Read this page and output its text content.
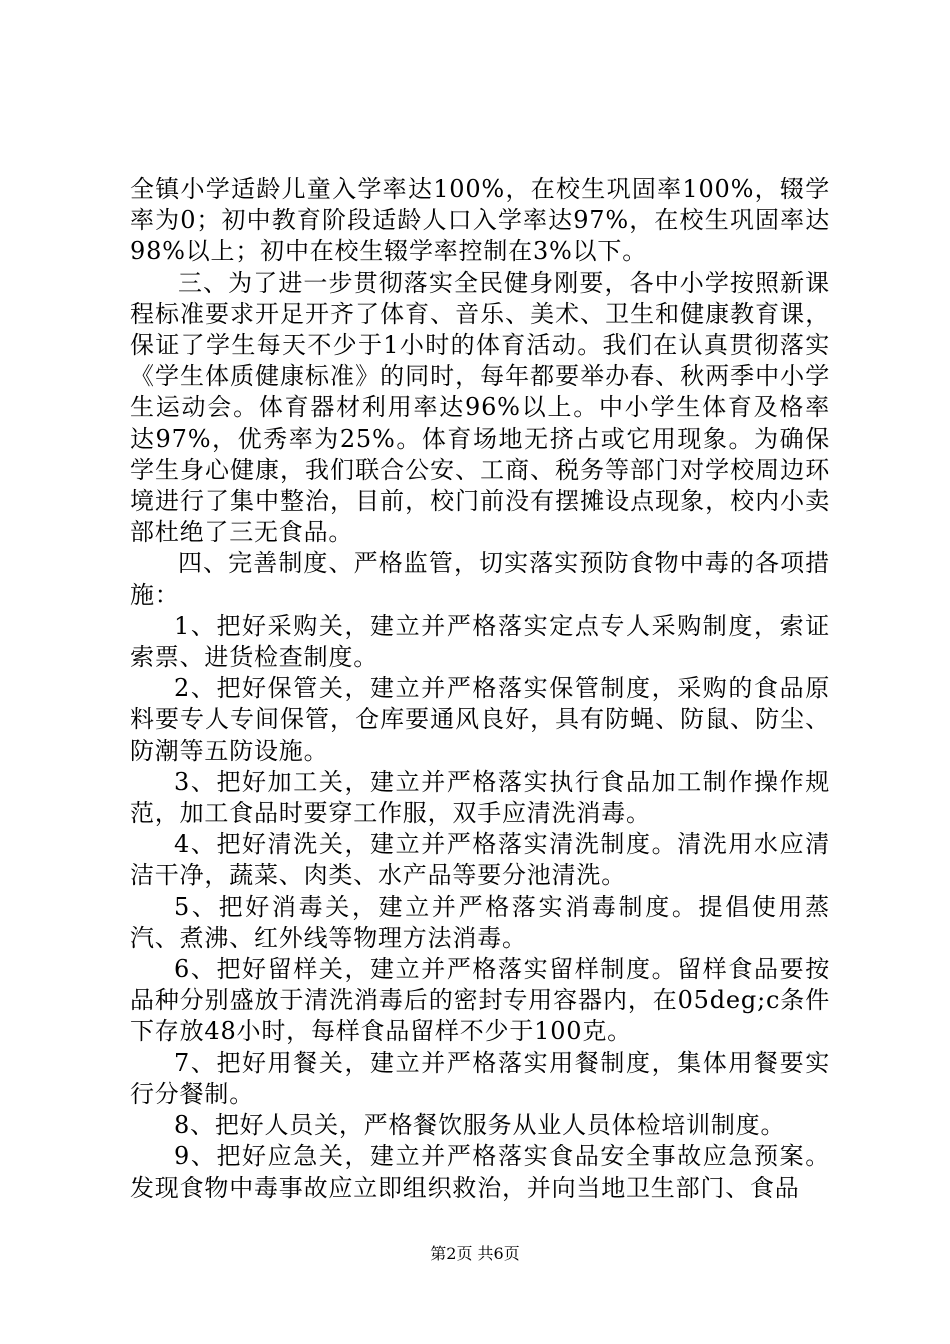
全镇小学适龄儿童入学率达100%，在校生巩固率100%，辍学率为0；初中教育阶段适龄人口入学率达97%，在校生巩固率达98%以上；初中在校生辍学率控制在3%以下。

三、为了进一步贯彻落实全民健身刚要，各中小学按照新课程标准要求开足开齐了体育、音乐、美术、卫生和健康教育课，保证了学生每天不少于1小时的体育活动。我们在认真贯彻落实《学生体质健康标准》的同时，每年都要举办春、秋两季中小学生运动会。体育器材利用率达96%以上。中小学生体育及格率达97%，优秀率为25%。体育场地无挤占或它用现象。为确保学生身心健康，我们联合公安、工商、税务等部门对学校周边环境进行了集中整治，目前，校门前没有摆摊设点现象，校内小卖部杜绝了三无食品。

四、完善制度、严格监管，切实落实预防食物中毒的各项措施：

1、把好采购关，建立并严格落实定点专人采购制度，索证索票、进货检查制度。

2、把好保管关，建立并严格落实保管制度，采购的食品原料要专人专间保管，仓库要通风良好，具有防蝇、防鼠、防尘、防潮等五防设施。

3、把好加工关，建立并严格落实执行食品加工制作操作规范，加工食品时要穿工作服，双手应清洗消毒。

4、把好清洗关，建立并严格落实清洗制度。清洗用水应清洁干净，蔬菜、肉类、水产品等要分池清洗。

5、把好消毒关，建立并严格落实消毒制度。提倡使用蒸汽、煮沸、红外线等物理方法消毒。

6、把好留样关，建立并严格落实留样制度。留样食品要按品种分别盛放于清洗消毒后的密封专用容器内，在05deg;c条件下存放48小时，每样食品留样不少于100克。

7、把好用餐关，建立并严格落实用餐制度，集体用餐要实行分餐制。

8、把好人员关，严格餐饮服务从业人员体检培训制度。

9、把好应急关，建立并严格落实食品安全事故应急预案。发现食物中毒事故应立即组织救治，并向当地卫生部门、食品

第2页 共6页
